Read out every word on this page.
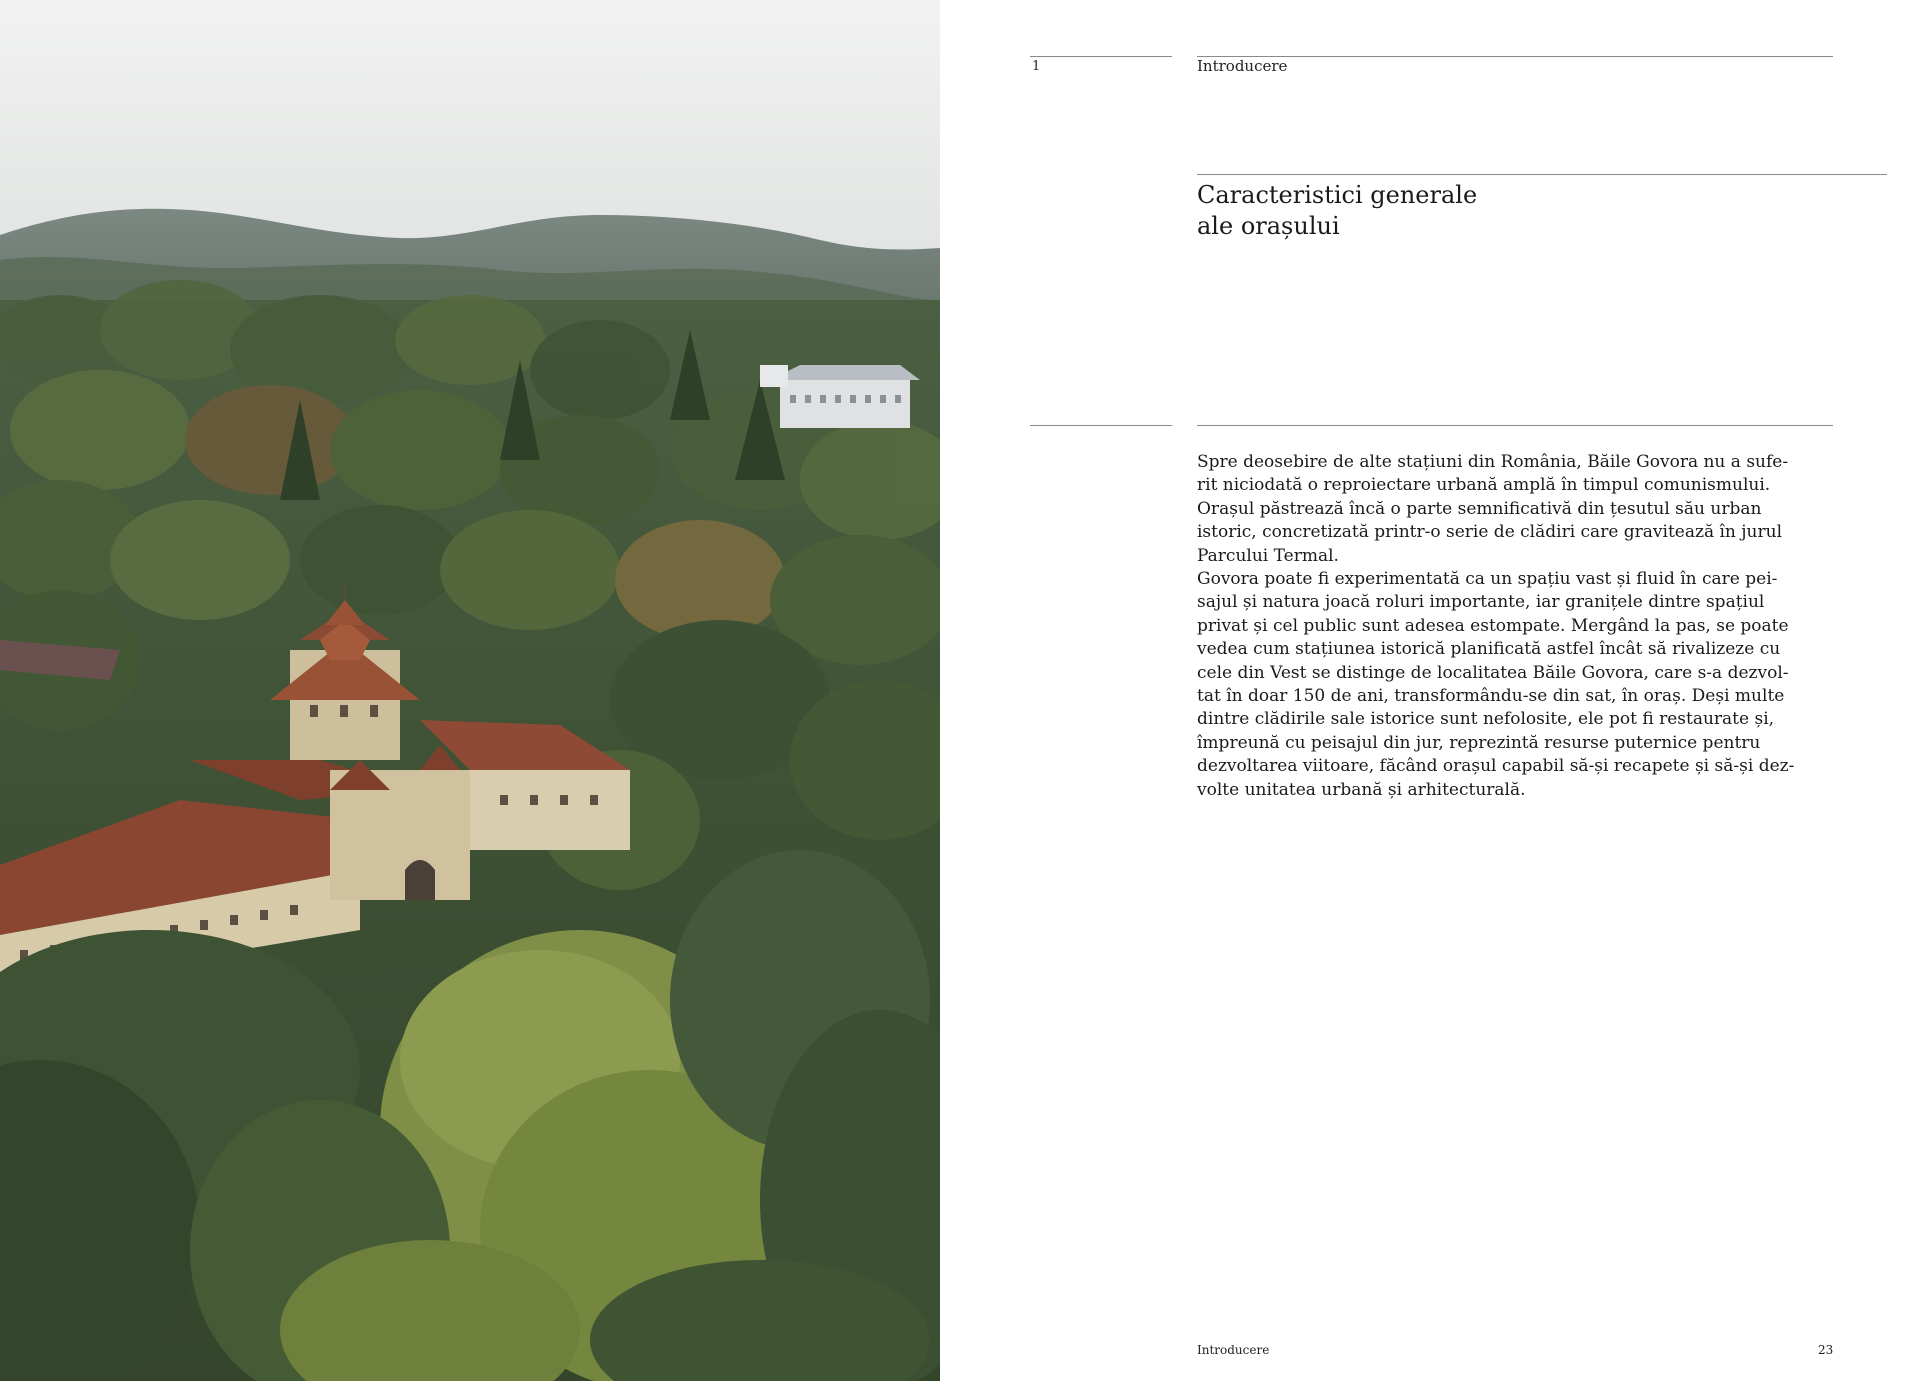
1	Introducere
Caracteristici generale
ale orașului

Spre deosebire de alte stațiuni din România, Băile Govora nu a sufe-
rit niciodată o reproiectare urbană amplă în timpul comunismului.
Orașul păstrează încă o parte semnificativă din țesutul său urban
istoric, concretizată printr-o serie de clădiri care gravitează în jurul
Parcului Termal.

Govora poate fi experimentată ca un spațiu vast și fluid în care pei-
sajul și natura joacă roluri importante, iar granițele dintre spațiul
privat și cel public sunt adesea estompate. Mergând la pas, se poate
vedea cum stațiunea istorică planificată astfel încât să rivalizeze cu
cele din Vest se distinge de localitatea Băile Govora, care s-a dezvol-
tat în doar 150 de ani, transformându-se din sat, în oraș. Deși multe
dintre clădirile sale istorice sunt nefolosite, ele pot fi restaurate și,
împreună cu peisajul din jur, reprezintă resurse puternice pentru
dezvoltarea viitoare, făcând orașul capabil să-și recapete și să-și dez-
volte unitatea urbană și arhitecturală.

Introducere	23
